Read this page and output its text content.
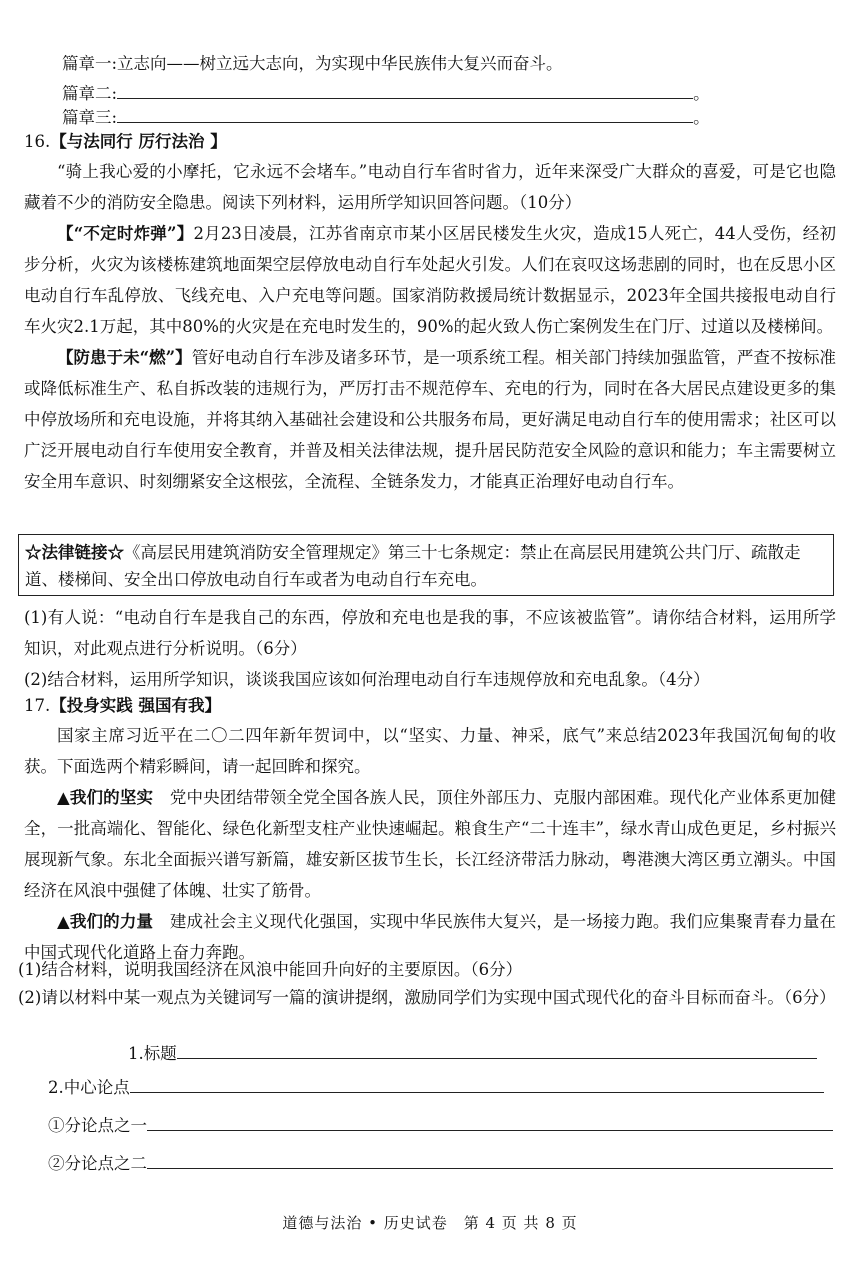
篇章一:立志向——树立远大志向，为实现中华民族伟大复兴而奋斗。
篇章二:	。
篇章三:	。
16.【与法同行 厉行法治 】

“骑上我心爱的小摩托，它永远不会堵车。”电动自行车省时省力，近年来深受广大群众的喜爱，可是它也隐藏着不少的消防安全隐患。阅读下列材料，运用所学知识回答问题。（10分）

【“不定时炸弹”】2月23日凌晨，江苏省南京市某小区居民楼发生火灾，造成15人死亡，44人受伤，经初步分析，火灾为该楼栋建筑地面架空层停放电动自行车处起火引发。人们在哀叹这场悲剧的同时，也在反思小区电动自行车乱停放、飞线充电、入户充电等问题。国家消防救援局统计数据显示，2023年全国共接报电动自行车火灾2.1万起，其中80%的火灾是在充电时发生的，90%的起火致人伤亡案例发生在门厅、过道以及楼梯间。

【防患于未“燃”】管好电动自行车涉及诸多环节，是一项系统工程。相关部门持续加强监管，严查不按标准或降低标准生产、私自拆改装的违规行为，严厉打击不规范停车、充电的行为，同时在各大居民点建设更多的集中停放场所和充电设施，并将其纳入基础社会建设和公共服务布局，更好满足电动自行车的使用需求；社区可以广泛开展电动自行车使用安全教育，并普及相关法律法规，提升居民防范安全风险的意识和能力；车主需要树立安全用车意识、时刻绷紧安全这根弦，全流程、全链条发力，才能真正治理好电动自行车。

☆法律链接☆《高层民用建筑消防安全管理规定》第三十七条规定：禁止在高层民用建筑公共门厅、疏散走道、楼梯间、安全出口停放电动自行车或者为电动自行车充电。
(1)有人说：“电动自行车是我自己的东西，停放和充电也是我的事，不应该被监管”。请你结合材料，运用所学知识，对此观点进行分析说明。（6分）
(2)结合材料，运用所学知识，谈谈我国应该如何治理电动自行车违规停放和充电乱象。（4分）
17.【投身实践 强国有我】

国家主席习近平在二〇二四年新年贺词中，以“坚实、力量、神采，底气”来总结2023年我国沉甸甸的收获。下面选两个精彩瞬间，请一起回眸和探究。

▲我们的坚实　 党中央团结带领全党全国各族人民，顶住外部压力、克服内部困难。现代化产业体系更加健全，一批高端化、智能化、绿色化新型支柱产业快速崛起。粮食生产“二十连丰”，绿水青山成色更足，乡村振兴展现新气象。东北全面振兴谱写新篇，雄安新区拔节生长，长江经济带活力脉动，粤港澳大湾区勇立潮头。中国经济在风浪中强健了体魄、壮实了筋骨。

▲我们的力量　 建成社会主义现代化强国，实现中华民族伟大复兴，是一场接力跑。我们应集聚青春力量在中国式现代化道路上奋力奔跑。

(1)结合材料，说明我国经济在风浪中能回升向好的主要原因。（6分）
(2)请以材料中某一观点为关键词写一篇的演讲提纲，激励同学们为实现中国式现代化的奋斗目标而奋斗。（6分）
1.标题
2.中心论点
①分论点之一
②分论点之二
道德与法治 • 历史试卷　第 4 页 共 8 页
